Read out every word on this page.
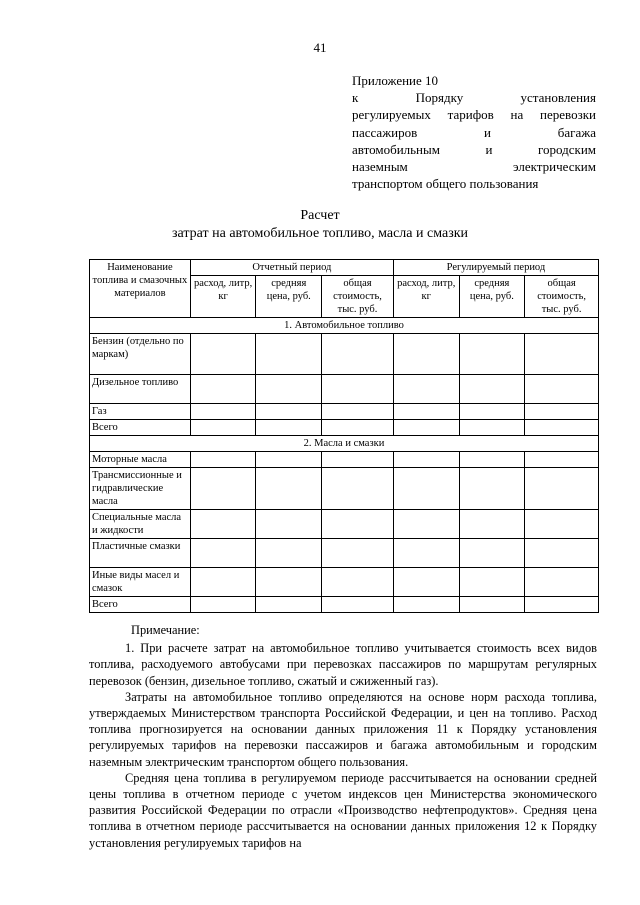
41
Приложение 10
к Порядку установления
регулируемых тарифов на перевозки
пассажиров и багажа
автомобильным и городским
наземным электрическим
транспортом общего пользования
Расчет
затрат на автомобильное топливо, масла и смазки
Наименование топлива и смазочных материалов	Отчетный период			Регулируемый период		
	расход, литр, кг	средняя цена, руб.	общая стоимость, тыс. руб.	расход, литр, кг	средняя цена, руб.	общая стоимость, тыс. руб.
1. Автомобильное топливо						
Бензин (отдельно по маркам)						
Дизельное топливо						
Газ						
Всего						
2. Масла и смазки						
Моторные масла						
Трансмиссионные и гидравлические масла						
Специальные масла и жидкости						
Пластичные смазки						
Иные виды масел и смазок						
Всего						

Примечание:

1. При расчете затрат на автомобильное топливо учитывается стоимость всех видов топлива, расходуемого автобусами при перевозках пассажиров по маршрутам регулярных перевозок (бензин, дизельное топливо, сжатый и сжиженный газ).

Затраты на автомобильное топливо определяются на основе норм расхода топлива, утверждаемых Министерством транспорта Российской Федерации, и цен на топливо. Расход топлива прогнозируется на основании данных приложения 11 к Порядку установления регулируемых тарифов на перевозки пассажиров и багажа автомобильным и городским наземным электрическим транспортом общего пользования.

Средняя цена топлива в регулируемом периоде рассчитывается на основании средней цены топлива в отчетном периоде с учетом индексов цен Министерства экономического развития Российской Федерации по отрасли «Производство нефтепродуктов». Средняя цена топлива в отчетном периоде рассчитывается на основании данных приложения 12 к Порядку установления регулируемых тарифов на
